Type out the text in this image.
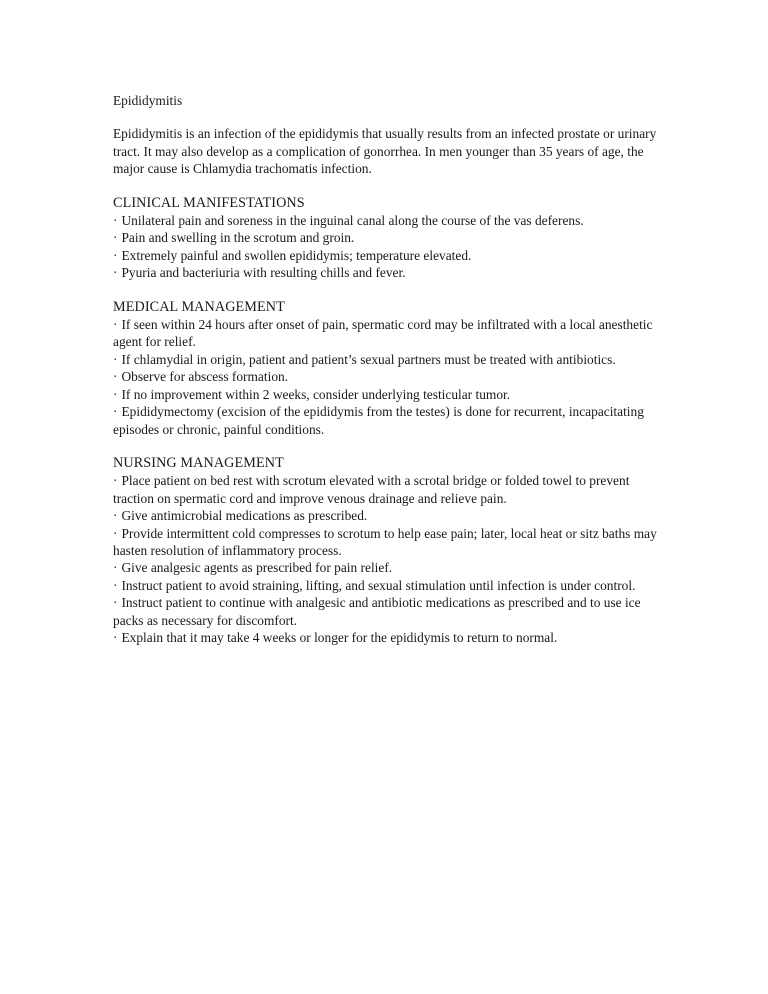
Epididymitis

Epididymitis is an infection of the epididymis that usually results from an infected prostate or urinary tract. It may also develop as a complication of gonorrhea. In men younger than 35 years of age, the major cause is Chlamydia trachomatis infection.

CLINICAL MANIFESTATIONS

· Unilateral pain and soreness in the inguinal canal along the course of the vas deferens.
· Pain and swelling in the scrotum and groin.
· Extremely painful and swollen epididymis; temperature elevated.
· Pyuria and bacteriuria with resulting chills and fever.

MEDICAL MANAGEMENT

· If seen within 24 hours after onset of pain, spermatic cord may be infiltrated with a local anesthetic agent for relief.
· If chlamydial in origin, patient and patient’s sexual partners must be treated with antibiotics.
· Observe for abscess formation.
· If no improvement within 2 weeks, consider underlying testicular tumor.
· Epididymectomy (excision of the epididymis from the testes) is done for recurrent, incapacitating episodes or chronic, painful conditions.

NURSING MANAGEMENT

· Place patient on bed rest with scrotum elevated with a scrotal bridge or folded towel to prevent traction on spermatic cord and improve venous drainage and relieve pain.
· Give antimicrobial medications as prescribed.
· Provide intermittent cold compresses to scrotum to help ease pain; later, local heat or sitz baths may hasten resolution of inflammatory process.
· Give analgesic agents as prescribed for pain relief.
· Instruct patient to avoid straining, lifting, and sexual stimulation until infection is under control.
· Instruct patient to continue with analgesic and antibiotic medications as prescribed and to use ice packs as necessary for discomfort.
· Explain that it may take 4 weeks or longer for the epididymis to return to normal.
